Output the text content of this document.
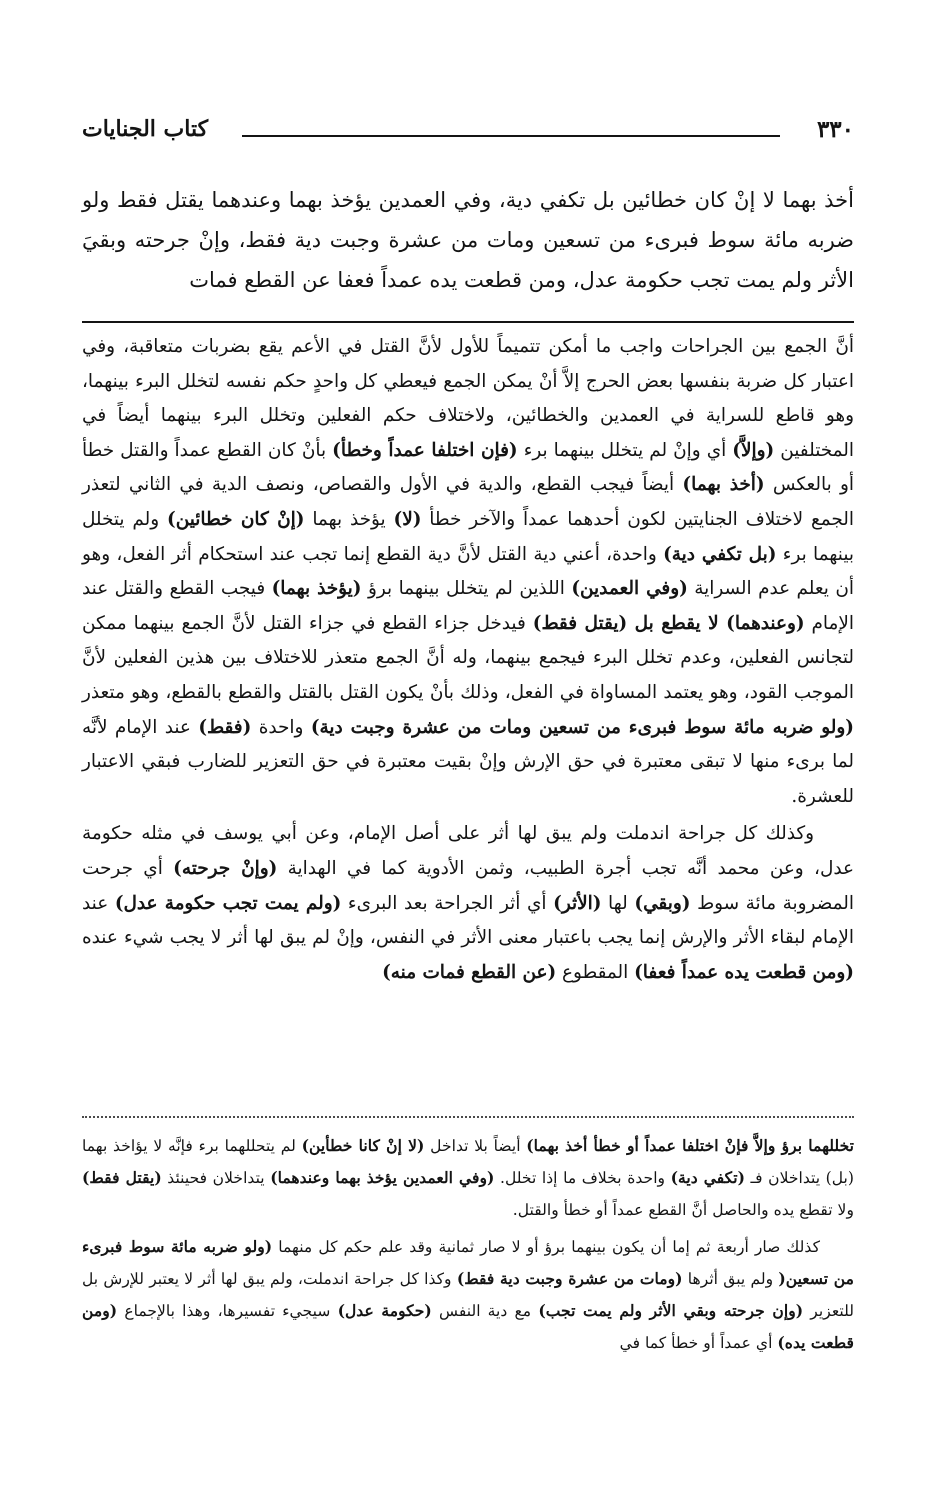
٣٣٠
كتاب الجنايات
أخذ بهما لا إنْ كان خطائين بل تكفي دية، وفي العمدين يؤخذ بهما وعندهما يقتل فقط ولو ضربه مائة سوط فبرىء من تسعين ومات من عشرة وجبت دية فقط، وإنْ جرحته وبقيَ الأثر ولم يمت تجب حكومة عدل، ومن قطعت يده عمداً فعفا عن القطع فمات

أنَّ الجمع بين الجراحات واجب ما أمكن تتميماً للأول لأنَّ القتل في الأعم يقع بضربات متعاقبة، وفي اعتبار كل ضربة بنفسها بعض الحرج إلاَّ أنْ يمكن الجمع فيعطي كل واحدٍ حكم نفسه لتخلل البرء بينهما، وهو قاطع للسراية في العمدين والخطائين، ولاختلاف حكم الفعلين وتخلل البرء بينهما أيضاً في المختلفين (وإلاَّ) أي وإنْ لم يتخلل بينهما برء (فإن اختلفا عمداً وخطأ) بأنْ كان القطع عمداً والقتل خطأ أو بالعكس (أخذ بهما) أيضاً فيجب القطع، والدية في الأول والقصاص، ونصف الدية في الثاني لتعذر الجمع لاختلاف الجنايتين لكون أحدهما عمداً والآخر خطأ (لا) يؤخذ بهما (إنْ كان خطائين) ولم يتخلل بينهما برء (بل تكفي دية) واحدة، أعني دية القتل لأنَّ دية القطع إنما تجب عند استحكام أثر الفعل، وهو أن يعلم عدم السراية (وفي العمدين) اللذين لم يتخلل بينهما برؤ (يؤخذ بهما) فيجب القطع والقتل عند الإمام (وعندهما) لا يقطع بل (يقتل فقط) فيدخل جزاء القطع في جزاء القتل لأنَّ الجمع بينهما ممكن لتجانس الفعلين، وعدم تخلل البرء فيجمع بينهما، وله أنَّ الجمع متعذر للاختلاف بين هذين الفعلين لأنَّ الموجب القود، وهو يعتمد المساواة في الفعل، وذلك بأنْ يكون القتل بالقتل والقطع بالقطع، وهو متعذر (ولو ضربه مائة سوط فبرىء من تسعين ومات من عشرة وجبت دية) واحدة (فقط) عند الإمام لأنَّه لما برىء منها لا تبقى معتبرة في حق الإرش وإنْ بقيت معتبرة في حق التعزير للضارب فبقي الاعتبار للعشرة.

وكذلك كل جراحة اندملت ولم يبق لها أثر على أصل الإمام، وعن أبي يوسف في مثله حكومة عدل، وعن محمد أنَّه تجب أجرة الطبيب، وثمن الأدوية كما في الهداية (وإنْ جرحته) أي جرحت المضروبة مائة سوط (وبقي) لها (الأثر) أي أثر الجراحة بعد البرىء (ولم يمت تجب حكومة عدل) عند الإمام لبقاء الأثر والإرش إنما يجب باعتبار معنى الأثر في النفس، وإنْ لم يبق لها أثر لا يجب شيء عنده (ومن قطعت يده عمداً فعفا) المقطوع (عن القطع فمات منه)

تخللهما برؤ وإلاَّ فإنْ اختلفا عمداً أو خطأ أخذ بهما) أيضاً بلا تداخل (لا إنْ كانا خطأين) لم يتحللهما برء فإنَّه لا يؤاخذ بهما (بل) يتداخلان فـ (تكفي دية) واحدة بخلاف ما إذا تخلل. (وفي العمدين يؤخذ بهما وعندهما) يتداخلان فحينئذ (يقتل فقط) ولا تقطع يده والحاصل أنَّ القطع عمداً أو خطأ والقتل.

كذلك صار أربعة ثم إما أن يكون بينهما برؤ أو لا صار ثمانية وقد علم حكم كل منهما (ولو ضربه مائة سوط فبرىء من تسعين( ولم يبق أثرها (ومات من عشرة وجبت دية فقط) وكذا كل جراحة اندملت، ولم يبق لها أثر لا يعتبر للإرش بل للتعزير (وإن جرحته وبقي الأثر ولم يمت تجب) مع دية النفس (حكومة عدل) سيجيء تفسيرها، وهذا بالإجماع (ومن قطعت يده) أي عمداً أو خطأ كما في
